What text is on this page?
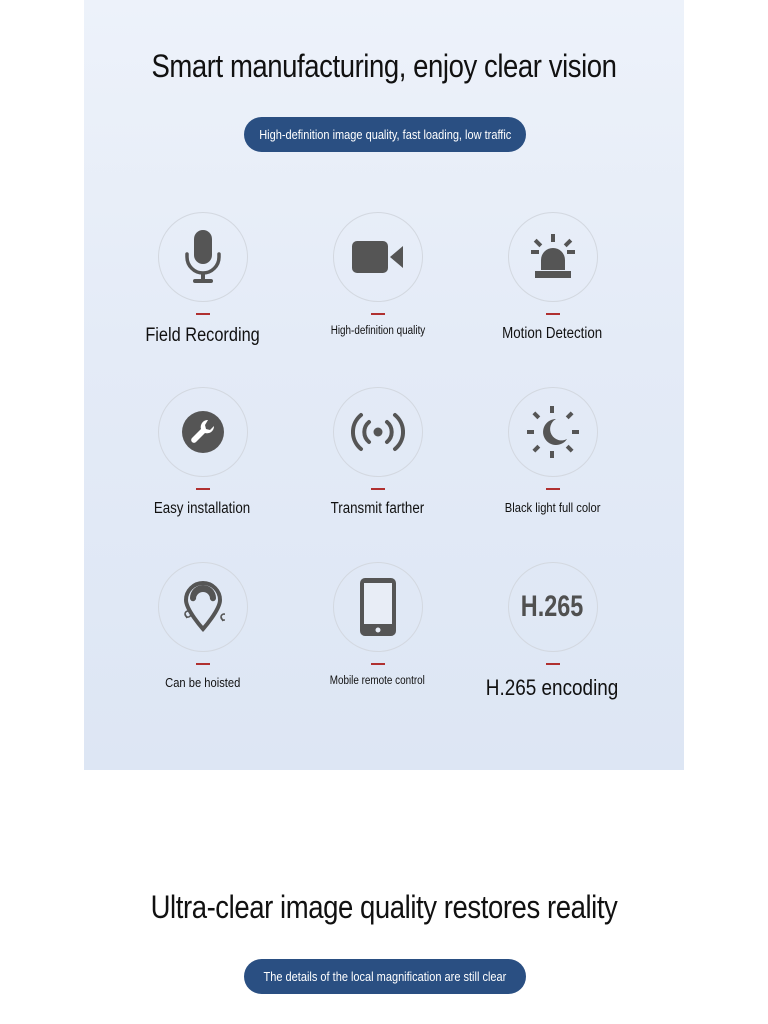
Smart manufacturing, enjoy clear vision
High-definition image quality, fast loading, low traffic
Field Recording	High-definition quality	Motion Detection
Easy installation	Transmit farther	Black light full color
Can be hoisted	Mobile remote control
H.265
H.265 encoding
Ultra-clear image quality restores reality
The details of the local magnification are still clear
